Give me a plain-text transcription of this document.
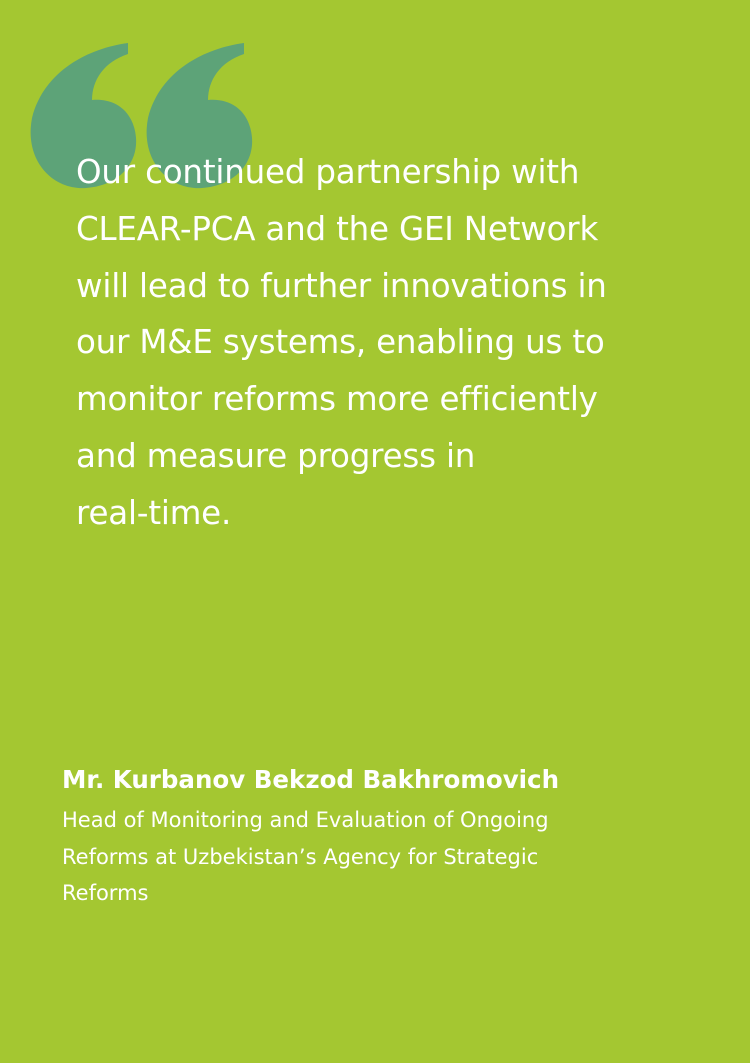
Our continued partnership with
CLEAR-PCA and the GEI Network
will lead to further innovations in
our M&E systems, enabling us to
monitor reforms more efficiently
and measure progress in
real-time.

Mr. Kurbanov Bekzod Bakhromovich

Head of Monitoring and Evaluation of Ongoing
Reforms at Uzbekistan’s Agency for Strategic
Reforms
